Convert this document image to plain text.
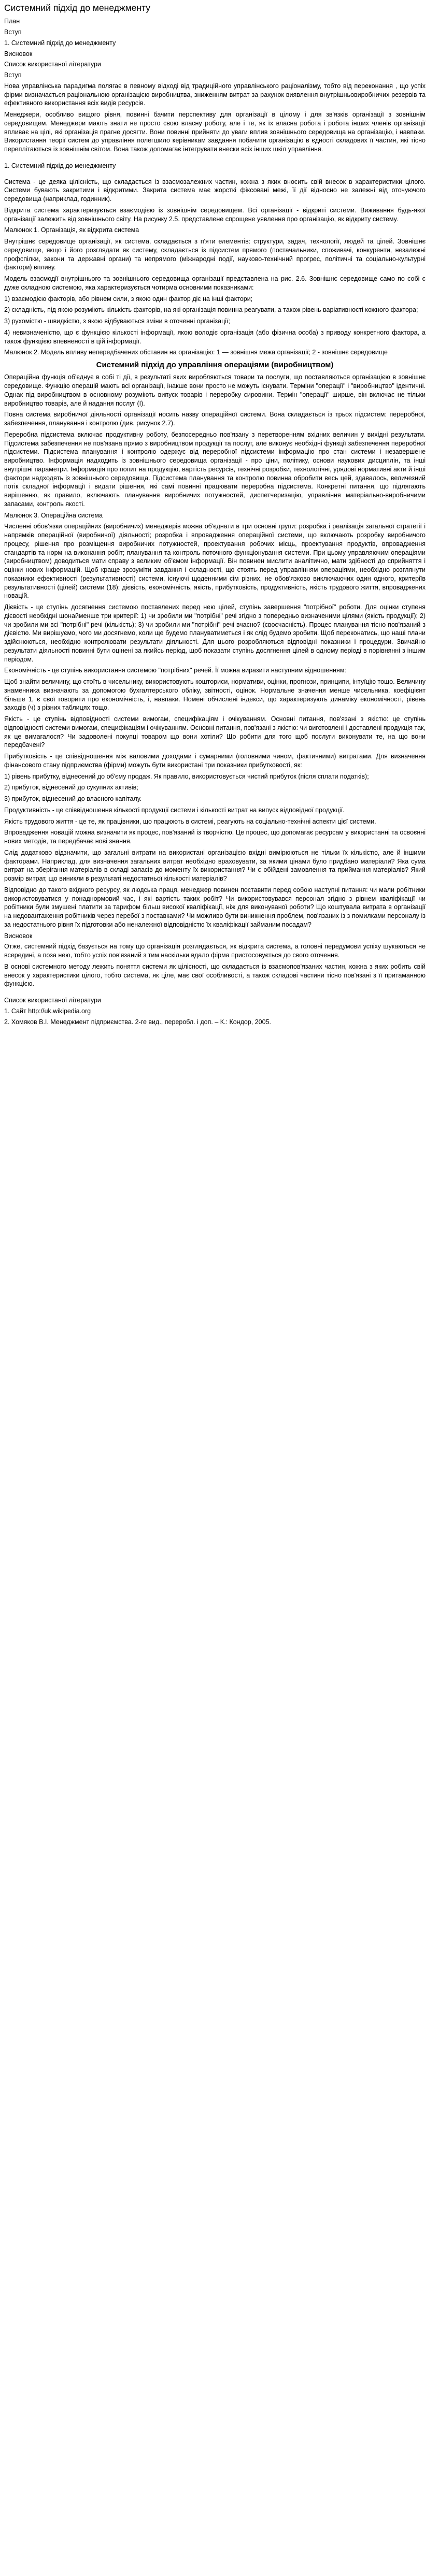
Системний підхід до менеджменту
План
Вступ
1. Системний підхід до менеджменту
Висновок
Список використаної літератури
Вступ

Нова управлінська парадигма полягає в певному відході від традиційного управлінського раціоналізму, тобто від переконання , що успіх фірми визначається раціональною організацією виробництва, зниженням витрат за рахунок виявлення внутрішньовиробничих резервів та ефективного використання всіх видів ресурсів.

Менеджери, особливо вищого рівня, повинні бачити перспективу для організації в цілому і для зв'язків організації з зовнішнім середовищем. Менеджери мають знати не просто свою власну роботу, але і те, як їх власна робота і робота інших членів організації впливає на цілі, які організація прагне досягти. Вони повинні прийняти до уваги вплив зовнішнього середовища на організацію, і навпаки. Використання теорії систем до управління полегшило керівникам завдання побачити організацію в єдності складових її частин, які тісно переплітаються із зовнішнім світом. Вона також допомагає інтегрувати внески всіх інших шкіл управління.

1. Системний підхід до менеджменту

Система - це деяка цілісність, що складається із взаємозалежних частин, кожна з яких вносить свій внесок в характеристики цілого. Системи бувають закритими і відкритими. Закрита система має жорсткі фіксовані межі, її дії відносно не залежні від оточуючого середовища (наприклад, годинник).

Відкрита система характеризується взаємодією із зовнішнім середовищем. Всі організації - відкриті системи. Виживання будь-якої організації залежить від зовнішнього світу. На рисунку 2.5. представлене спрощене уявлення про організацію, як відкриту систему.

Малюнок 1. Організація, як відкрита система

Внутрішнє середовище організації, як система, складається з п'яти елементів: структури, задач, технології, людей та цілей. Зовнішнє середовище, якщо і його розглядати як систему, складається із підсистем прямого (постачальники, споживачі, конкуренти, незалежні профспілки, закони та державні органи) та непрямого (міжнародні події, науково-технічний прогрес, політичні та соціально-культурні фактори) впливу.

Модель взаємодії внутрішнього та зовнішнього середовища організації представлена на рис. 2.6. Зовнішнє середовище само по собі є дуже складною системою, яка характеризується чотирма основними показниками:

1) взаємодією факторів, або рівнем сили, з якою один фактор діє на інші фактори;

2) складність, під якою розуміють кількість факторів, на які організація повинна реагувати, а також рівень варіативності кожного фактора;

3) рухомістю - швидкістю, з якою відбуваються зміни в оточенні організації;

4) невизначеністю, що є функцією кількості інформації, якою володіє організація (або фізична особа) з приводу конкретного фактора, а також функцією впевненості в цій інформації.

Малюнок 2. Модель впливу непередбачених обставин на організацію: 1 — зовнішня межа організації; 2 - зовнішнє середовище

Системний підхід до управління операціями (виробництвом)

Операційна функція об'єднує в собі ті дії, в результаті яких виробляються товари та послуги, що поставляються організацією в зовнішнє середовище. Функцію операцій мають всі організації, інакше вони просто не можуть існувати. Терміни "операції" і "виробництво" ідентичні. Однак під виробництвом в основному розуміють випуск товарів і переробку сировини. Термін "операції" ширше, він включає не тільки виробництво товарів, але й надання послуг (І).

Повна система виробничої діяльності організації носить назву операційної системи. Вона складається із трьох підсистем: переробної, забезпечення, планування і контролю (див. рисунок 2.7).

Переробна підсистема включає продуктивну роботу, безпосередньо пов'язану з перетворенням вхідних величин у вихідні результати. Підсистема забезпечення не пов'язана прямо з виробництвом продукції та послуг, але виконує необхідні функції забезпечення переробної підсистеми. Підсистема планування і контролю одержує від переробної підсистеми інформацію про стан системи і незавершене виробництво. Інформація надходить із зовнішнього середовища організації - про ціни, політику, основи наукових дисциплін, та інші внутрішні параметри. Інформація про попит на продукцію, вартість ресурсів, технічні розробки, технологічні, урядові нормативні акти й інші фактори надходять із зовнішнього середовища. Підсистема планування та контролю повинна обробити весь цей, здавалось, величезний потік складної інформації і видати рішення, які самі повинні працювати переробна підсистема. Конкретні питання, що підлягають вирішенню, як правило, включають планування виробничих потужностей, диспетчеризацію, управління матеріально-виробничими запасами, контроль якості.

Малюнок 3. Операційна система

Численні обов'язки операційних (виробничих) менеджерів можна об'єднати в три основні групи: розробка і реалізація загальної стратегії і напрямків операційної (виробничої) діяльності; розробка і впровадження операційної системи, що включають розробку виробничого процесу, рішення про розміщення виробничих потужностей, проектування робочих місць, проектування продуктів, впровадження стандартів та норм на виконання робіт; планування та контроль поточного функціонування системи. При цьому управляючим операціями (виробництвом) доводиться мати справу з великим об'ємом інформації. Він повинен мислити аналітично, мати здібності до сприйняття і оцінки нових інформацій. Щоб краще зрозуміти завдання і складності, що стоять перед управлінням операціями, необхідно розглянути показники ефективності (результативності) системи, існуючі щоденними сім різних, не обов'язково виключаючих один одного, критеріїв результативності (цілей) системи (18): дієвість, економічність, якість, прибутковість, продуктивність, якість трудового життя, впроваджених новацій.

Дієвість - це ступінь досягнення системою поставлених перед нею цілей, ступінь завершення "потрібної" роботи. Для оцінки ступеня дієвості необхідні щонайменше три критерії: 1) чи зробили ми "потрібні" речі згідно з попередньо визначеними цілями (якість продукції); 2) чи зробили ми всі "потрібні" речі (кількість); 3) чи зробили ми "потрібні" речі вчасно? (своєчасність). Процес планування тісно пов'язаний з дієвістю. Ми вирішуємо, чого ми досягнемо, коли ще будемо плануватиметься і як слід будемо зробити. Щоб переконатись, що наші плани здійснюються, необхідно контролювати результати діяльності. Для цього розробляються відповідні показники і процедури. Звичайно результати діяльності повинні бути оцінені за якийсь період, щоб показати ступінь досягнення цілей в одному періоді в порівнянні з іншим періодом.

Економічність - це ступінь використання системою "потрібних" речей. Її можна виразити наступним відношенням:

Щоб знайти величину, що стоїть в чисельнику, використовують кошториси, нормативи, оцінки, прогнози, принципи, інтуїцію тощо. Величину знаменника визначають за допомогою бухгалтерського обліку, звітності, оцінок. Нормальне значення менше чисельника, коефіцієнт більше 1, є свої говорити про економічність, і, навпаки. Номені обчислені індекси, що характеризують динаміку економічності, рівень заходів (ч) з різних таблицях тощо.

Якість - це ступінь відповідності системи вимогам, специфікаціям і очікуванням. Основні питання, пов'язані з якістю: це ступінь відповідності системи вимогам, специфікаціям і очікуванням. Основні питання, пов'язані з якістю: чи виготовлені і доставлені продукція так, як це вимагалося? Чи задоволені покупці товаром що вони хотіли? Що робити для того щоб послуги виконувати те, на що вони передбачені?

Прибутковість - це співвідношення між валовими доходами і сумарними (головними чином, фактичними) витратами. Для визначення фінансового стану підприємства (фірми) можуть бути використані три показники прибутковості, як:

1) рівень прибутку, віднесений до об'єму продаж. Як правило, використовується чистий прибуток (після сплати податків);

2) прибуток, віднесений до сукупних активів;

3) прибуток, віднесений до власного капіталу.

Продуктивність - це співвідношення кількості продукції системи і кількості витрат на випуск відповідної продукції.

Якість трудового життя - це те, як працівники, що працюють в системі, реагують на соціально-технічні аспекти цієї системи.

Впровадження новацій можна визначити як процес, пов'язаний із творчістю. Це процес, що допомагає ресурсам у використанні та освоєнні нових методів, та передбачає нові знання.

Слід додатково відзначити, що загальні витрати на використані організацією вхідні вимірюються не тільки їх кількістю, але й іншими факторами. Наприклад, для визначення загальних витрат необхідно враховувати, за якими цінами було придбано матеріали? Яка сума витрат на зберігання матеріалів в складі запасів до моменту їх використання? Чи є обійдені замовлення та приймання матеріалів? Який розмір витрат, що виникли в результаті недостатньої кількості матеріалів?

Відповідно до такого вхідного ресурсу, як людська праця, менеджер повинен поставити перед собою наступні питання: чи мали робітники використовуватися у понаднормовий час, і які вартість таких робіт? Чи використовувався персонал згідно з рівнем кваліфікації чи робітники були змушені платити за тарифом більш високої кваліфікації, ніж для виконуваної роботи? Що коштувала витрата в організації на недовантаження робітників через перебої з поставками? Чи можливо бути виникнення проблем, пов'язаних із з помилками персоналу із за недостатнього рівня їх підготовки або неналежної відповідністю їх кваліфікації займаним посадам?

Висновок

Отже, системний підхід базується на тому що організація розглядається, як відкрита система, а головні передумови успіху шукаються не всередині, а поза нею, тобто успіх пов'язаний з тим наскільки вдало фірма пристосовується до свого оточення.

В основі системного методу лежить поняття системи як цілісності, що складається із взаємопов'язаних частин, кожна з яких робить свій внесок у характеристики цілого, тобто система, як ціле, має свої особливості, а також складові частини тісно пов'язані з її притаманною функцією.

Список використаної літератури
1. Сайт http://uk.wikipedia.org
2. Хомяков В.І. Менеджмент підприємства. 2-ге вид., переробл. і доп. – К.: Кондор, 2005.
